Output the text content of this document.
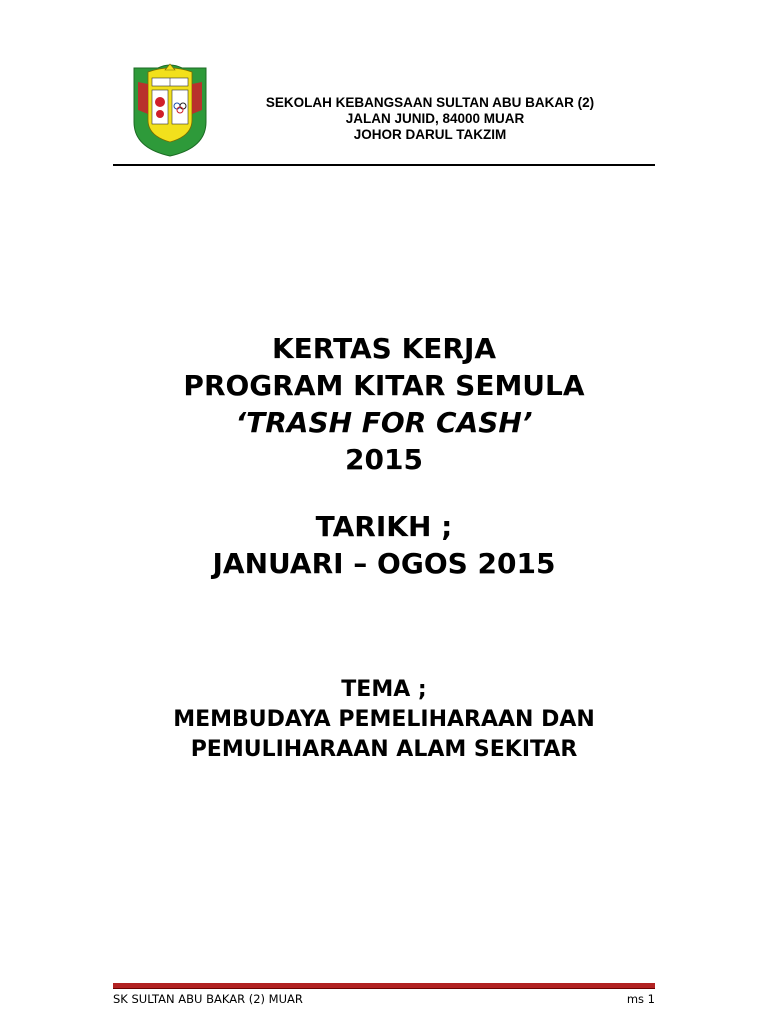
SEKOLAH KEBANGSAAN SULTAN ABU BAKAR (2)
JALAN JUNID, 84000 MUAR
JOHOR DARUL TAKZIM
KERTAS KERJA
PROGRAM KITAR SEMULA
‘TRASH FOR CASH’
2015
TARIKH ;
JANUARI – OGOS 2015
TEMA ;
MEMBUDAYA PEMELIHARAAN DAN
PEMULIHARAAN ALAM SEKITAR
SK SULTAN ABU BAKAR (2) MUAR	ms 1
